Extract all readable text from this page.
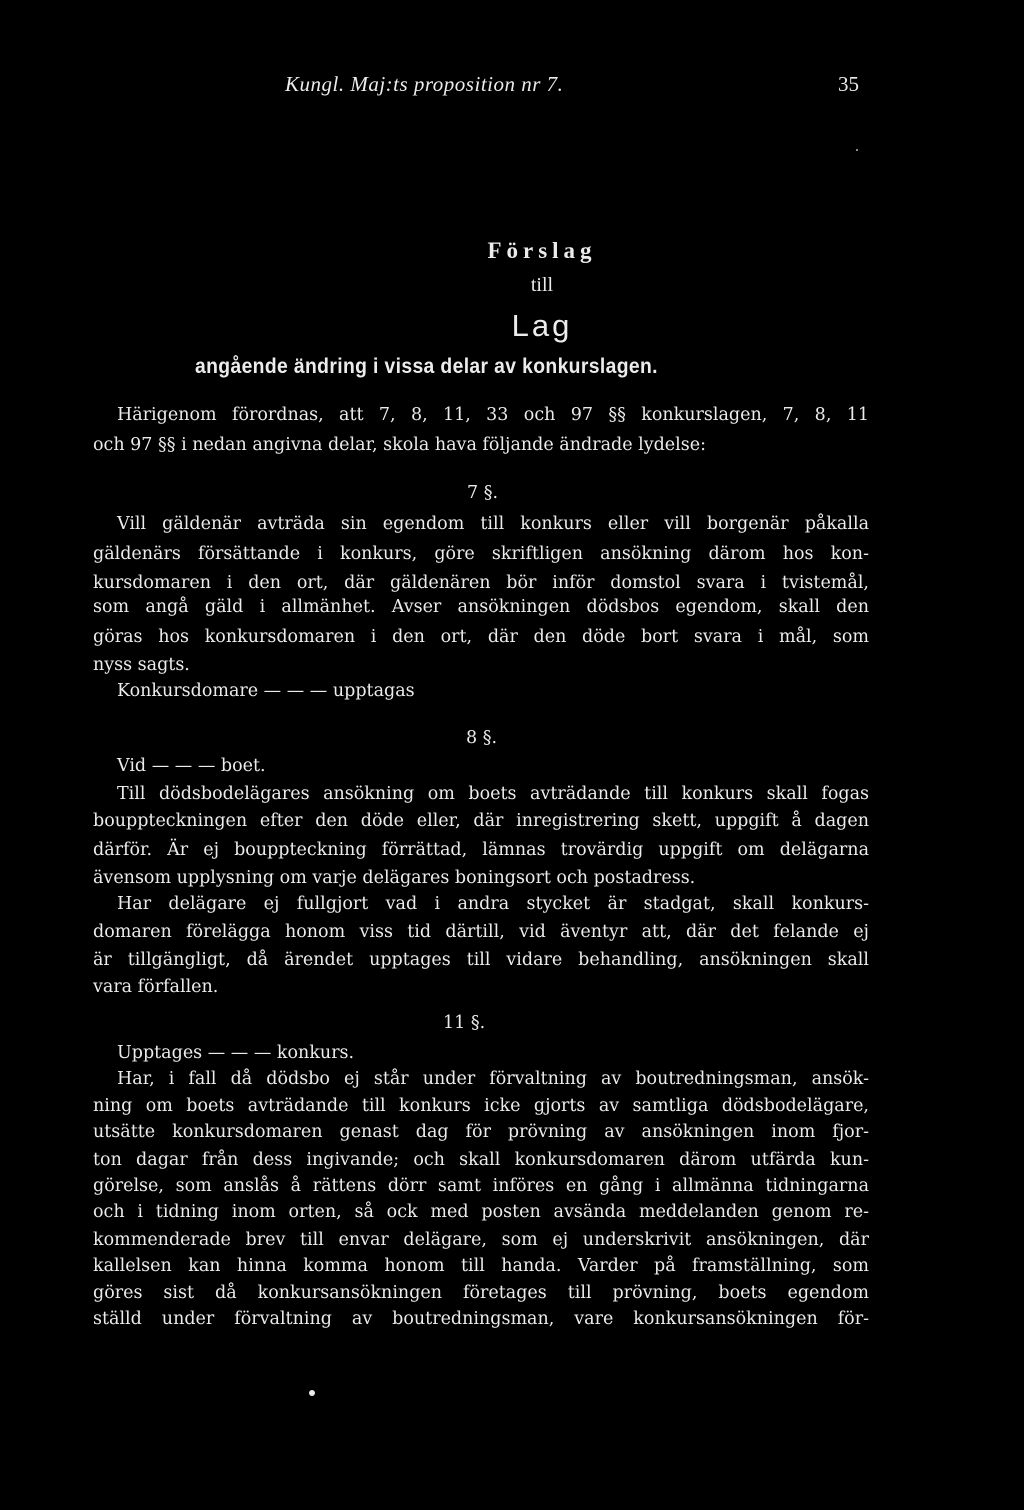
Kungl. Maj:ts proposition nr 7.	35
Förslag
till
Lag
angående ändring i vissa delar av konkurslagen.
Härigenom förordnas, att 7, 8, 11, 33 och 97 §§ konkurslagen, 7, 8, 11
och 97 §§ i nedan angivna delar, skola hava följande ändrade lydelse:
7 §.
Vill gäldenär avträda sin egendom till konkurs eller vill borgenär påkalla
gäldenärs försättande i konkurs, göre skriftligen ansökning därom hos kon-
kursdomaren i den ort, där gäldenären bör inför domstol svara i tvistemål,
som angå gäld i allmänhet. Avser ansökningen dödsbos egendom, skall den
göras hos konkursdomaren i den ort, där den döde bort svara i mål, som
nyss sagts.
Konkursdomare — — — upptagas
8 §.
Vid — — — boet.
Till dödsbodelägares ansökning om boets avträdande till konkurs skall fogas
bouppteckningen efter den döde eller, där inregistrering skett, uppgift å dagen
därför. Är ej bouppteckning förrättad, lämnas trovärdig uppgift om delägarna
ävensom upplysning om varje delägares boningsort och postadress.
Har delägare ej fullgjort vad i andra stycket är stadgat, skall konkurs-
domaren förelägga honom viss tid därtill, vid äventyr att, där det felande ej
är tillgängligt, då ärendet upptages till vidare behandling, ansökningen skall
vara förfallen.
11 §.
Upptages — — — konkurs.
Har, i fall då dödsbo ej står under förvaltning av boutredningsman, ansök-
ning om boets avträdande till konkurs icke gjorts av samtliga dödsbodelägare,
utsätte konkursdomaren genast dag för prövning av ansökningen inom fjor-
ton dagar från dess ingivande; och skall konkursdomaren därom utfärda kun-
görelse, som anslås å rättens dörr samt införes en gång i allmänna tidningarna
och i tidning inom orten, så ock med posten avsända meddelanden genom re-
kommenderade brev till envar delägare, som ej underskrivit ansökningen, där
kallelsen kan hinna komma honom till handa. Varder på framställning, som
göres sist då konkursansökningen företages till prövning, boets egendom
ställd under förvaltning av boutredningsman, vare konkursansökningen för-
